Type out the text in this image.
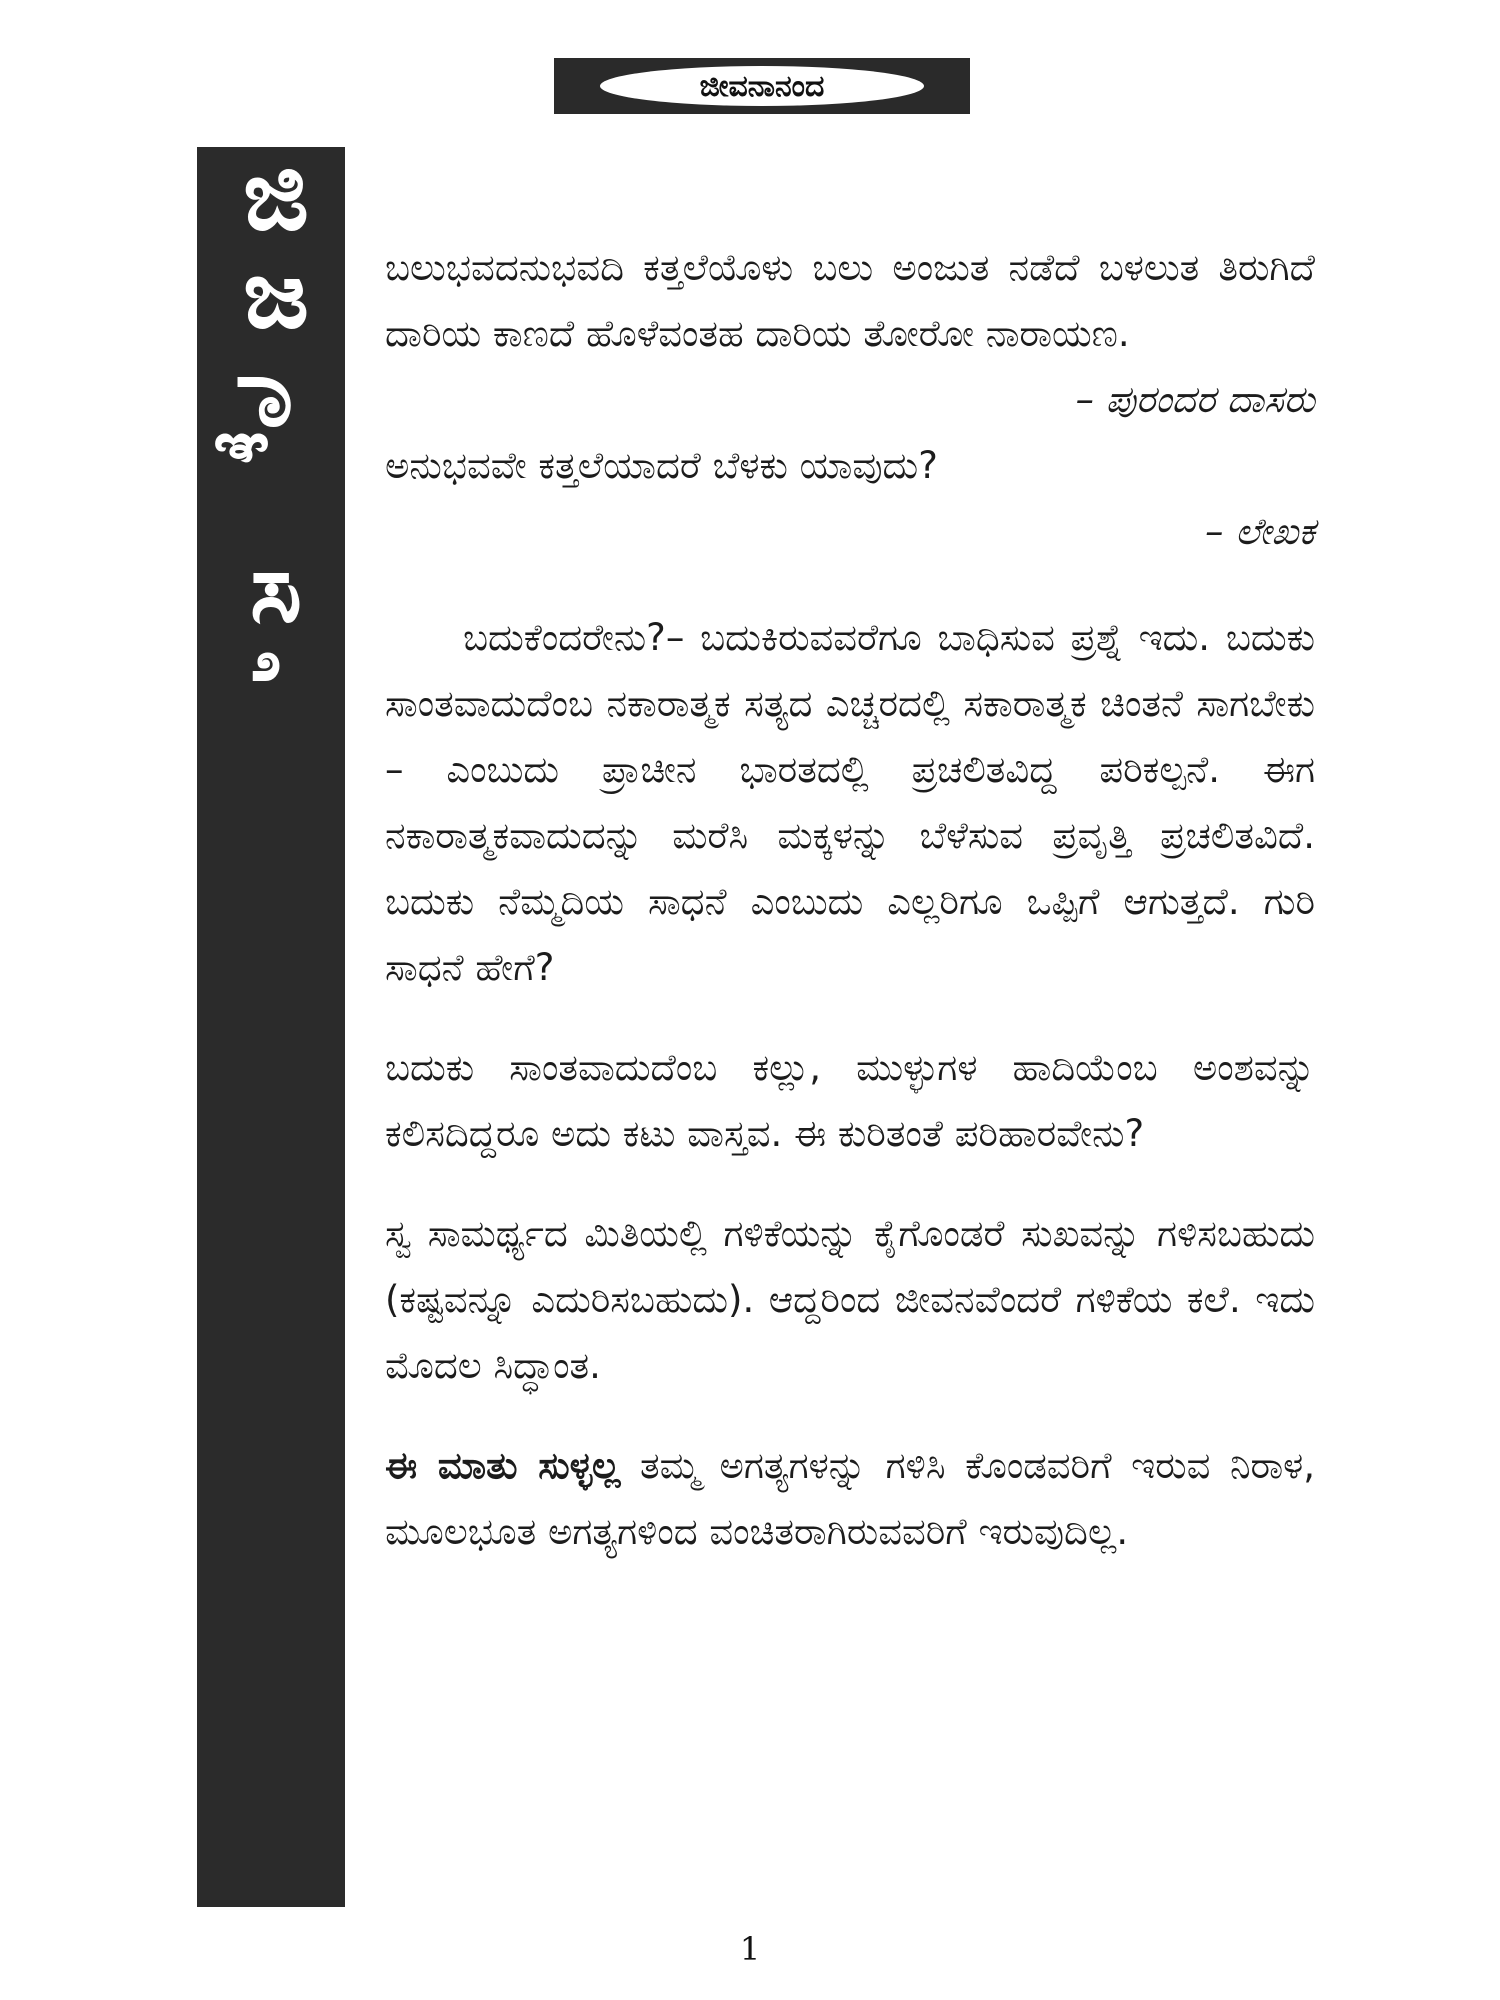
ಜೀವನಾನಂದ
ಜಿಜ್ಞಾಸೆ ಬಲುಭವದನುಭವದಿ ಕತ್ತಲೆಯೊಳು ಬಲು ಅಂಜುತ ನಡೆದೆ ಬಳಲುತ ತಿರುಗಿದೆ ದಾರಿಯ ಕಾಣದೆ ಹೊಳೆವಂತಹ ದಾರಿಯ ತೋರೋ ನಾರಾಯಣ.

– ಪುರಂದರ ದಾಸರು

ಅನುಭವವೇ ಕತ್ತಲೆಯಾದರೆ ಬೆಳಕು ಯಾವುದು?

– ಲೇಖಕ

ಬದುಕೆಂದರೇನು?– ಬದುಕಿರುವವರೆಗೂ ಬಾಧಿಸುವ ಪ್ರಶ್ನೆ ಇದು. ಬದುಕು ಸಾಂತವಾದುದೆಂಬ ನಕಾರಾತ್ಮಕ ಸತ್ಯದ ಎಚ್ಚರದಲ್ಲಿ ಸಕಾರಾತ್ಮಕ ಚಿಂತನೆ ಸಾಗಬೇಕು – ಎಂಬುದು ಪ್ರಾಚೀನ ಭಾರತದಲ್ಲಿ ಪ್ರಚಲಿತವಿದ್ದ ಪರಿಕಲ್ಪನೆ. ಈಗ ನಕಾರಾತ್ಮಕವಾದುದನ್ನು ಮರೆಸಿ ಮಕ್ಕಳನ್ನು ಬೆಳೆಸುವ ಪ್ರವೃತ್ತಿ ಪ್ರಚಲಿತವಿದೆ. ಬದುಕು ನೆಮ್ಮದಿಯ ಸಾಧನೆ ಎಂಬುದು ಎಲ್ಲರಿಗೂ ಒಪ್ಪಿಗೆ ಆಗುತ್ತದೆ. ಗುರಿ ಸಾಧನೆ ಹೇಗೆ?

ಬದುಕು ಸಾಂತವಾದುದೆಂಬ ಕಲ್ಲು, ಮುಳ್ಳುಗಳ ಹಾದಿಯೆಂಬ ಅಂಶವನ್ನು ಕಲಿಸದಿದ್ದರೂ ಅದು ಕಟು ವಾಸ್ತವ. ಈ ಕುರಿತಂತೆ ಪರಿಹಾರವೇನು?

ಸ್ವ ಸಾಮರ್ಥ್ಯದ ಮಿತಿಯಲ್ಲಿ ಗಳಿಕೆಯನ್ನು ಕೈಗೊಂಡರೆ ಸುಖವನ್ನು ಗಳಿಸಬಹುದು (ಕಷ್ಟವನ್ನೂ ಎದುರಿಸಬಹುದು). ಆದ್ದರಿಂದ ಜೀವನವೆಂದರೆ ಗಳಿಕೆಯ ಕಲೆ. ಇದು ಮೊದಲ ಸಿದ್ಧಾಂತ.

ಈ ಮಾತು ಸುಳ್ಳಲ್ಲ ತಮ್ಮ ಅಗತ್ಯಗಳನ್ನು ಗಳಿಸಿ ಕೊಂಡವರಿಗೆ ಇರುವ ನಿರಾಳ, ಮೂಲಭೂತ ಅಗತ್ಯಗಳಿಂದ ವಂಚಿತರಾಗಿರುವವರಿಗೆ ಇರುವುದಿಲ್ಲ.

1
